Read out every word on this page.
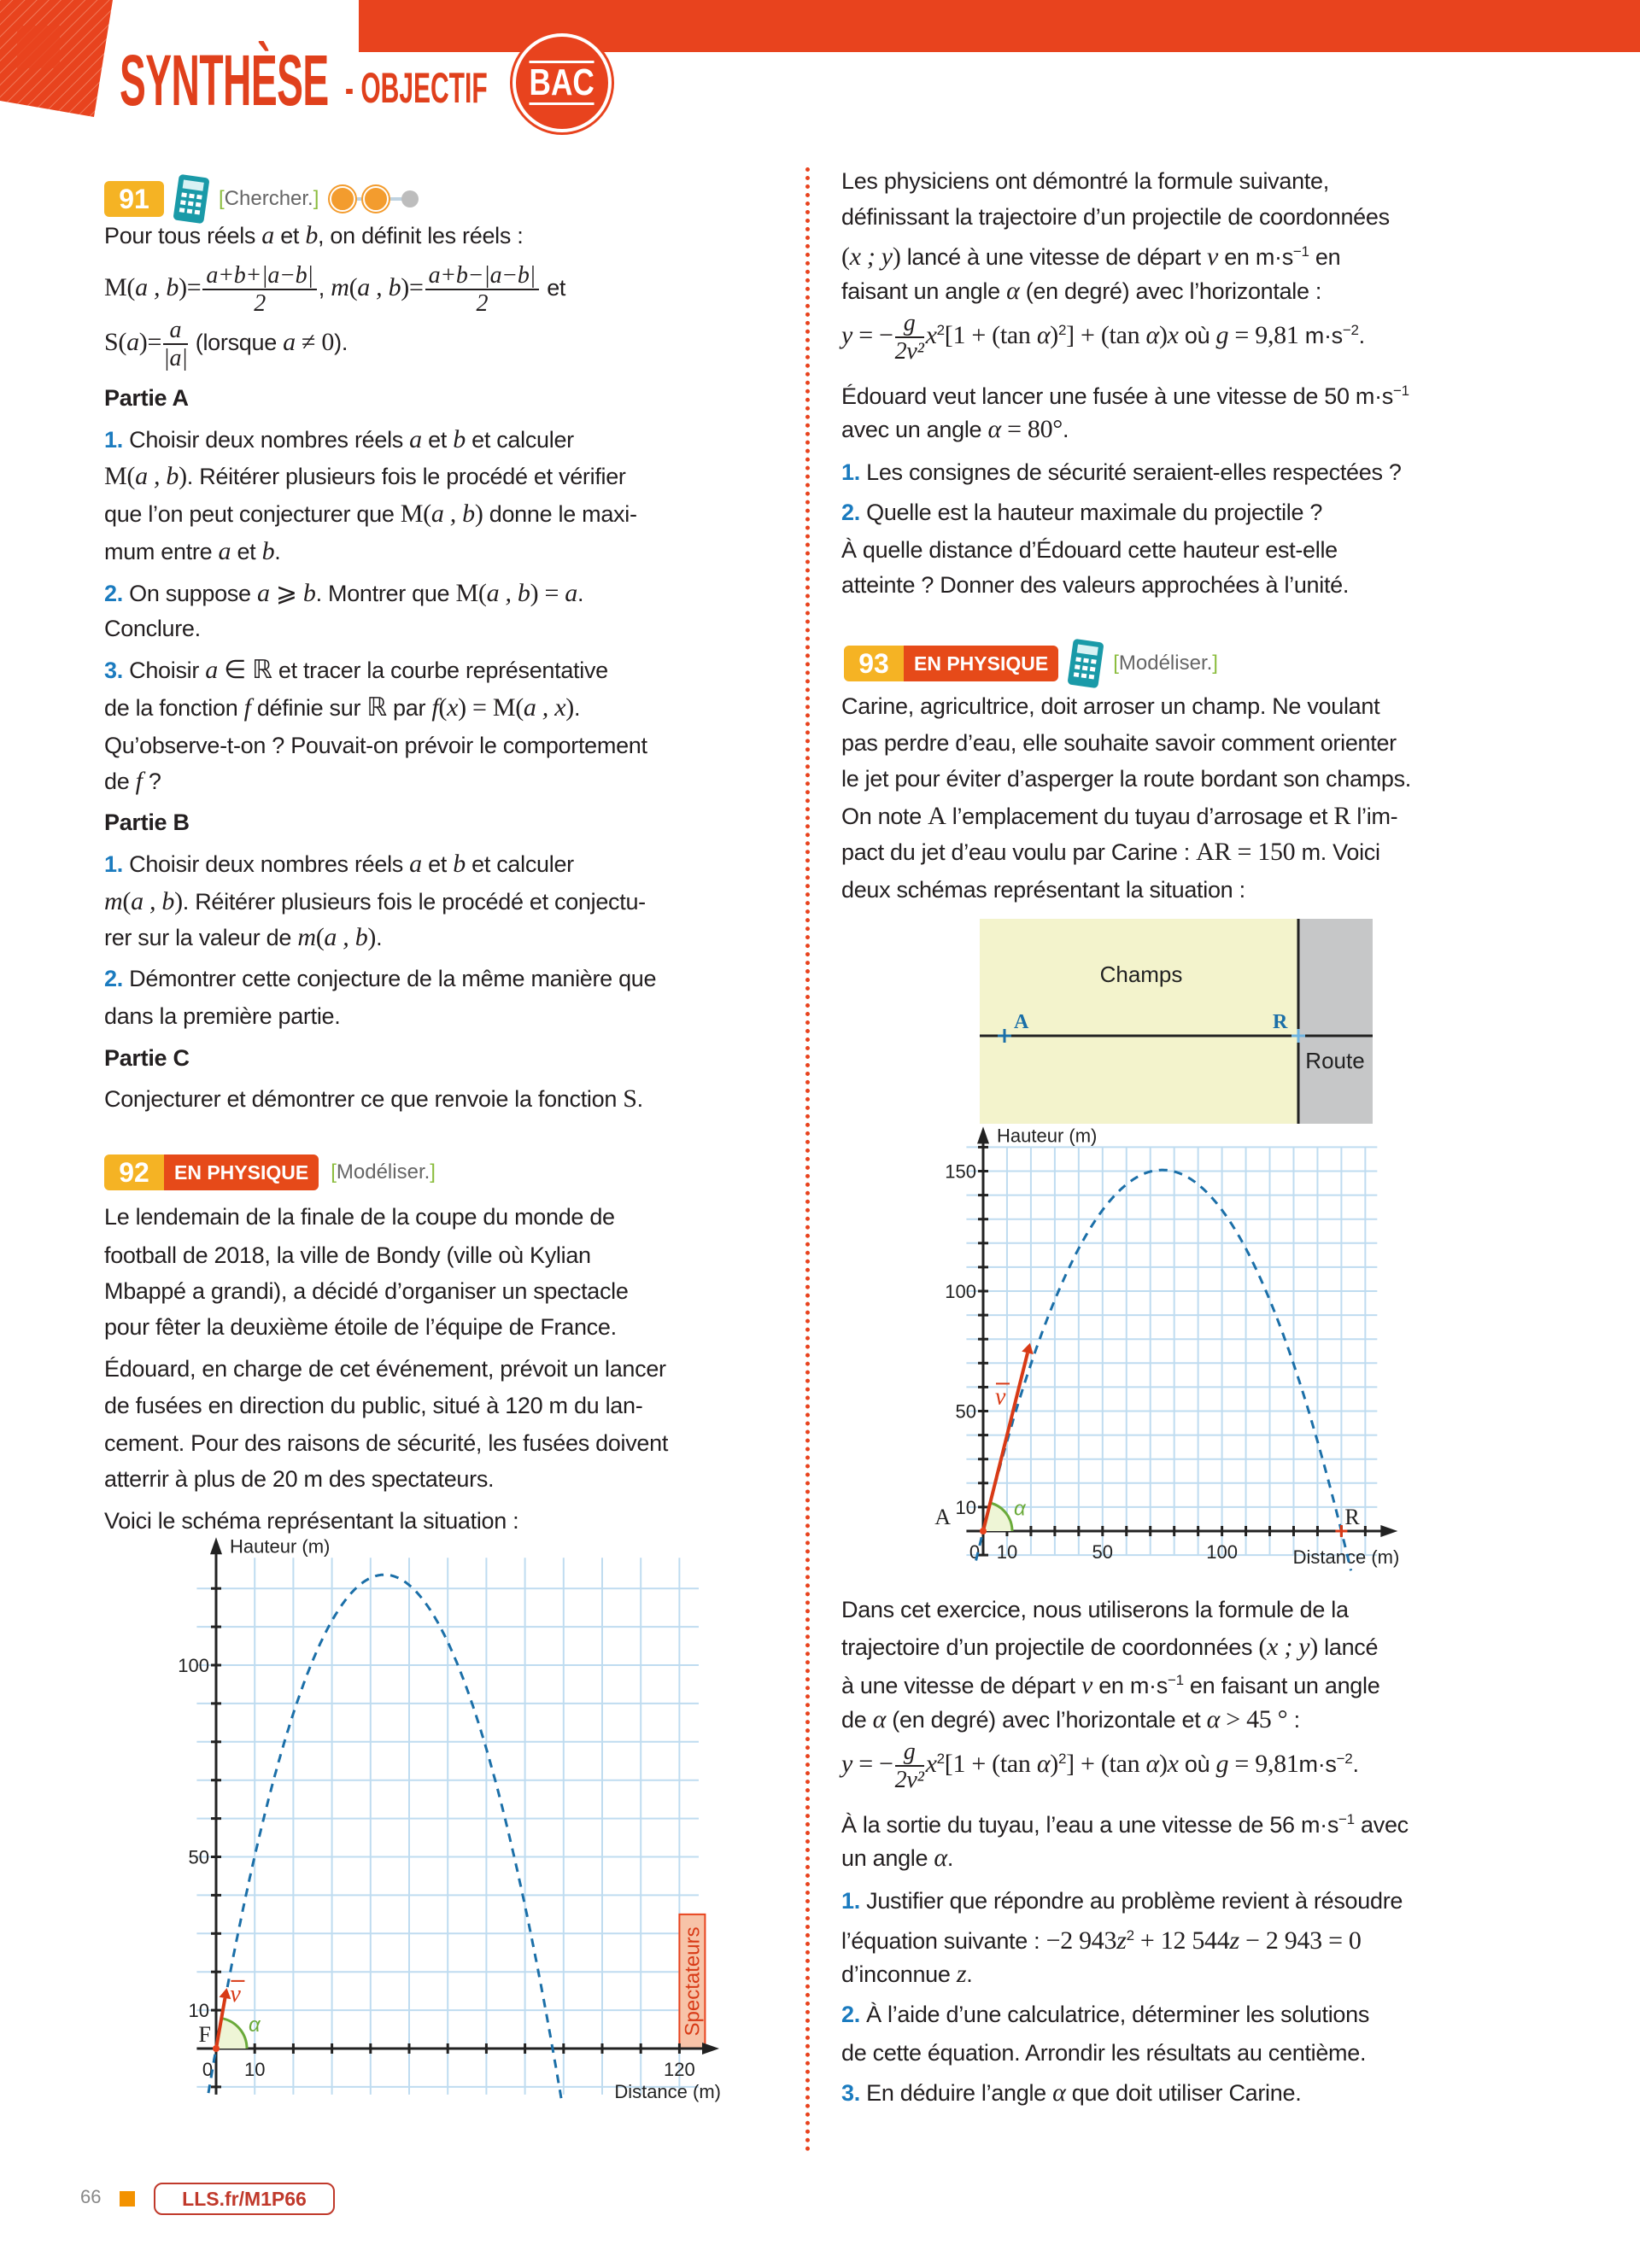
SYNTHÈSE - OBJECTIF BAC
91	[Chercher.]
92	EN PHYSIQUE	[Modéliser.]
93	EN PHYSIQUE	[Modéliser.]
Pour tous réels a et b, on définit les réels :
M(a , $b)= \frac{a+b+|a-b|}{2}$ , m(a , $b)= \frac{a+b-|a-b|}{2}$ et
$S(a)= \frac{a}{|a|}$ (lorsque a ≠ 0).
Partie A
1. Choisir deux nombres réels a et b et calculer
M(a , b). Réitérer plusieurs fois le procédé et vérifier
que l’on peut conjecturer que M(a , b) donne le maxi-
mum entre a et b.
2. On suppose a ⩾ b. Montrer que M(a , b) = a.
Conclure.
3. Choisir a ∈ ℝ et tracer la courbe représentative
de la fonction f définie sur ℝ par f(x) = M(a , x).
Qu’observe-t-on ? Pouvait-on prévoir le comportement
de f ?
Partie B
1. Choisir deux nombres réels a et b et calculer
m(a , b). Réitérer plusieurs fois le procédé et conjectu-
rer sur la valeur de m(a , b).
2. Démontrer cette conjecture de la même manière que
dans la première partie.
Partie C
Conjecturer et démontrer ce que renvoie la fonction S.
Le lendemain de la finale de la coupe du monde de
football de 2018, la ville de Bondy (ville où Kylian
Mbappé a grandi), a décidé d’organiser un spectacle
pour fêter la deuxième étoile de l’équipe de France.
Édouard, en charge de cet événement, prévoit un lancer
de fusées en direction du public, situé à 120 m du lan-
cement. Pour des raisons de sécurité, les fusées doivent
atterrir à plus de 20 m des spectateurs.
Voici le schéma représentant la situation :
Les physiciens ont démontré la formule suivante,
définissant la trajectoire d’un projectile de coordonnées
(x ; y) lancé à une vitesse de départ v en $m\cdot s^{-1}$ en
faisant un angle α (en degré) avec l’horizontale :
y = − $\frac{g}{\text{2v²}} x^2[1 + (\tan$ α)$^2$] + (tan α)x où g = 9,81 $m\cdot s^{-2}$.
Édouard veut lancer une fusée à une vitesse de 50 $m\cdot s^{-1}$
avec un angle α = 80°.
1. Les consignes de sécurité seraient-elles respectées ?
2. Quelle est la hauteur maximale du projectile ?
À quelle distance d’Édouard cette hauteur est-elle
atteinte ? Donner des valeurs approchées à l’unité.
Carine, agricultrice, doit arroser un champ. Ne voulant
pas perdre d’eau, elle souhaite savoir comment orienter
le jet pour éviter d’asperger la route bordant son champs.
On note A l’emplacement du tuyau d’arrosage et R l’im-
pact du jet d’eau voulu par Carine : AR = 150 m. Voici
deux schémas représentant la situation :
Dans cet exercice, nous utiliserons la formule de la
trajectoire d’un projectile de coordonnées (x ; y) lancé
à une vitesse de départ v en $m\cdot s^{-1}$ en faisant un angle
de α (en degré) avec l’horizontale et α > 45 ° :
y = − $\frac{g}{\text{2v²}} x^2[1 + (\tan$ α)$^2$] + (tan α)x où $g = 9,81m\cdot s^{-2}$.
À la sortie du tuyau, l’eau a une vitesse de 56 $m\cdot s^{-1}$ avec
un angle α.
1. Justifier que répondre au problème revient à résoudre
l’équation suivante : −2 $943z^2 + 12$ 544z − 2 943 = 0
d’inconnue z.
2. À l’aide d’une calculatrice, déterminer les solutions
de cette équation. Arrondir les résultats au centième.
3. En déduire l’angle α que doit utiliser Carine.
Spectateurs
0 10	120
10
50
100
Hauteur (m)
Distance (m)
α
v
F
Champs
Route
A	R
0 10	50	100
10
50
100
150
Hauteur (m)
Distance (m)
α
v
A	R
66	LLS.fr/M1P66
